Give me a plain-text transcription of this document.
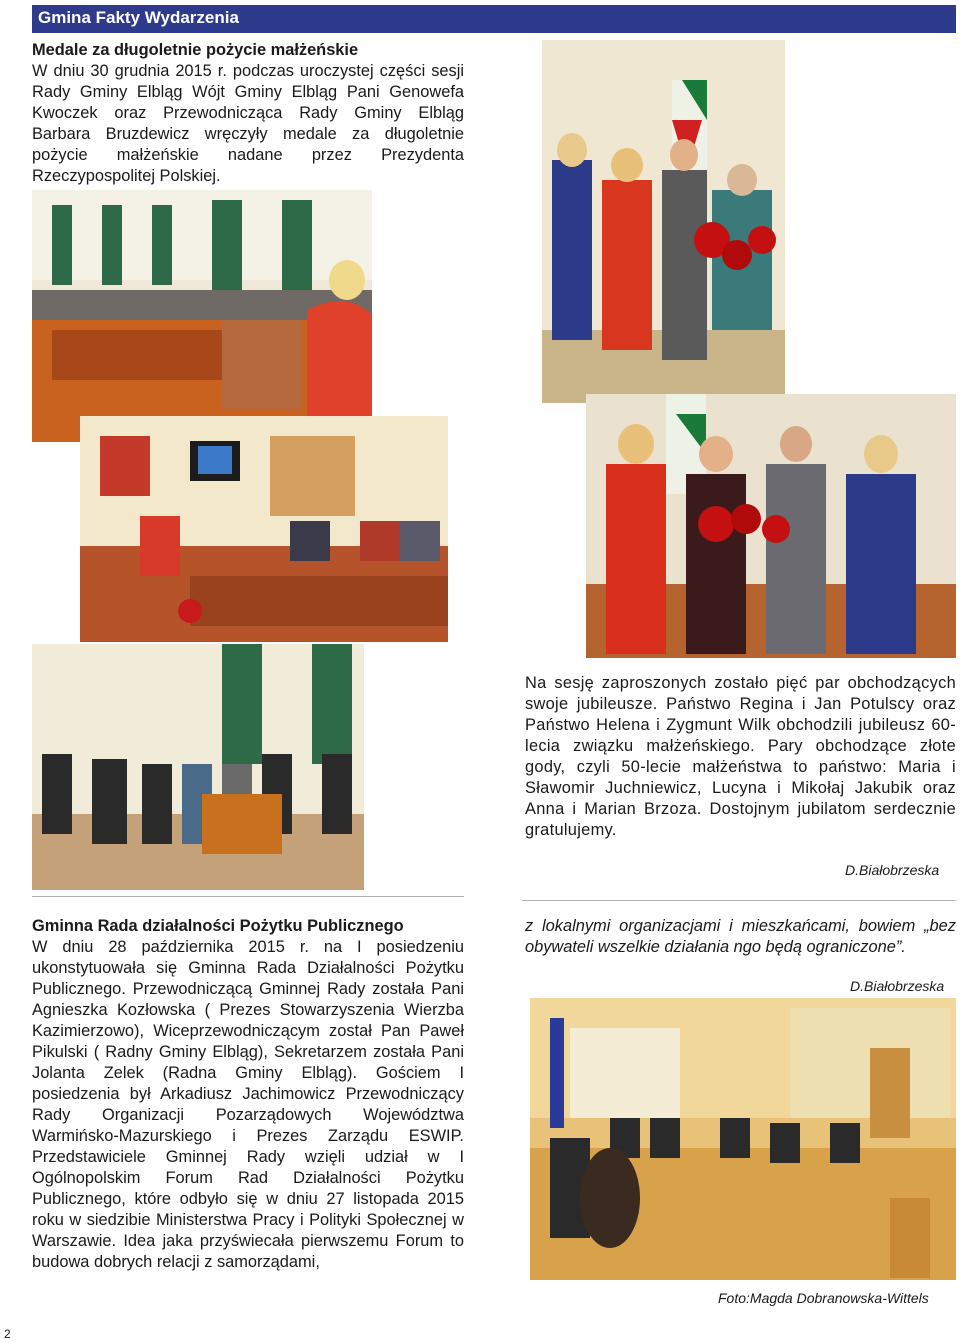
Gmina Fakty Wydarzenia
Medale za długoletnie pożycie małżeńskie
W dniu 30 grudnia 2015 r. podczas uroczystej części sesji Rady Gminy Elbląg Wójt Gminy Elbląg Pani Genowefa Kwoczek oraz Przewodnicząca Rady Gminy Elbląg Barbara Bruzdewicz wręczyły medale za długoletnie pożycie małżeńskie nadane przez Prezydenta Rzeczypospolitej Polskiej.
Na sesję zaproszonych zostało pięć par obchodzących swoje jubileusze. Państwo Regina i Jan Potulscy oraz Państwo Helena i Zygmunt Wilk obchodzili jubileusz 60-lecia związku małżeńskiego. Pary obchodzące złote gody, czyli 50-lecie małżeństwa to państwo: Maria i Sławomir Juchniewicz, Lucyna i Mikołaj Jakubik oraz Anna i Marian Brzoza. Dostojnym jubilatom serdecznie gratulujemy.
D.Białobrzeska
Gminna Rada działalności Pożytku Publicznego
W dniu 28 października 2015 r. na I posiedzeniu ukonstytuowała się Gminna Rada Działalności Pożytku Publicznego. Przewodniczącą Gminnej Rady została Pani Agnieszka Kozłowska ( Prezes Stowarzyszenia Wierzba Kazimierzowo), Wiceprzewodniczącym został Pan Paweł Pikulski ( Radny Gminy Elbląg), Sekretarzem została Pani Jolanta Zelek (Radna Gminy Elbląg). Gościem I posiedzenia był Arkadiusz Jachimowicz Przewodniczący Rady Organizacji Pozarządowych Województwa Warmińsko-Mazurskiego i Prezes Zarządu ESWIP. Przedstawiciele Gminnej Rady wzięli udział w I Ogólnopolskim Forum Rad Działalności Pożytku Publicznego, które odbyło się w dniu 27 listopada 2015 roku w siedzibie Ministerstwa Pracy i Polityki Społecznej w Warszawie. Idea jaka przyświecała pierwszemu Forum to budowa dobrych relacji z samorządami,
z lokalnymi organizacjami i mieszkańcami, bowiem „bez obywateli wszelkie działania ngo będą ograniczone”.
D.Białobrzeska
Foto:Magda Dobranowska-Wittels
2
